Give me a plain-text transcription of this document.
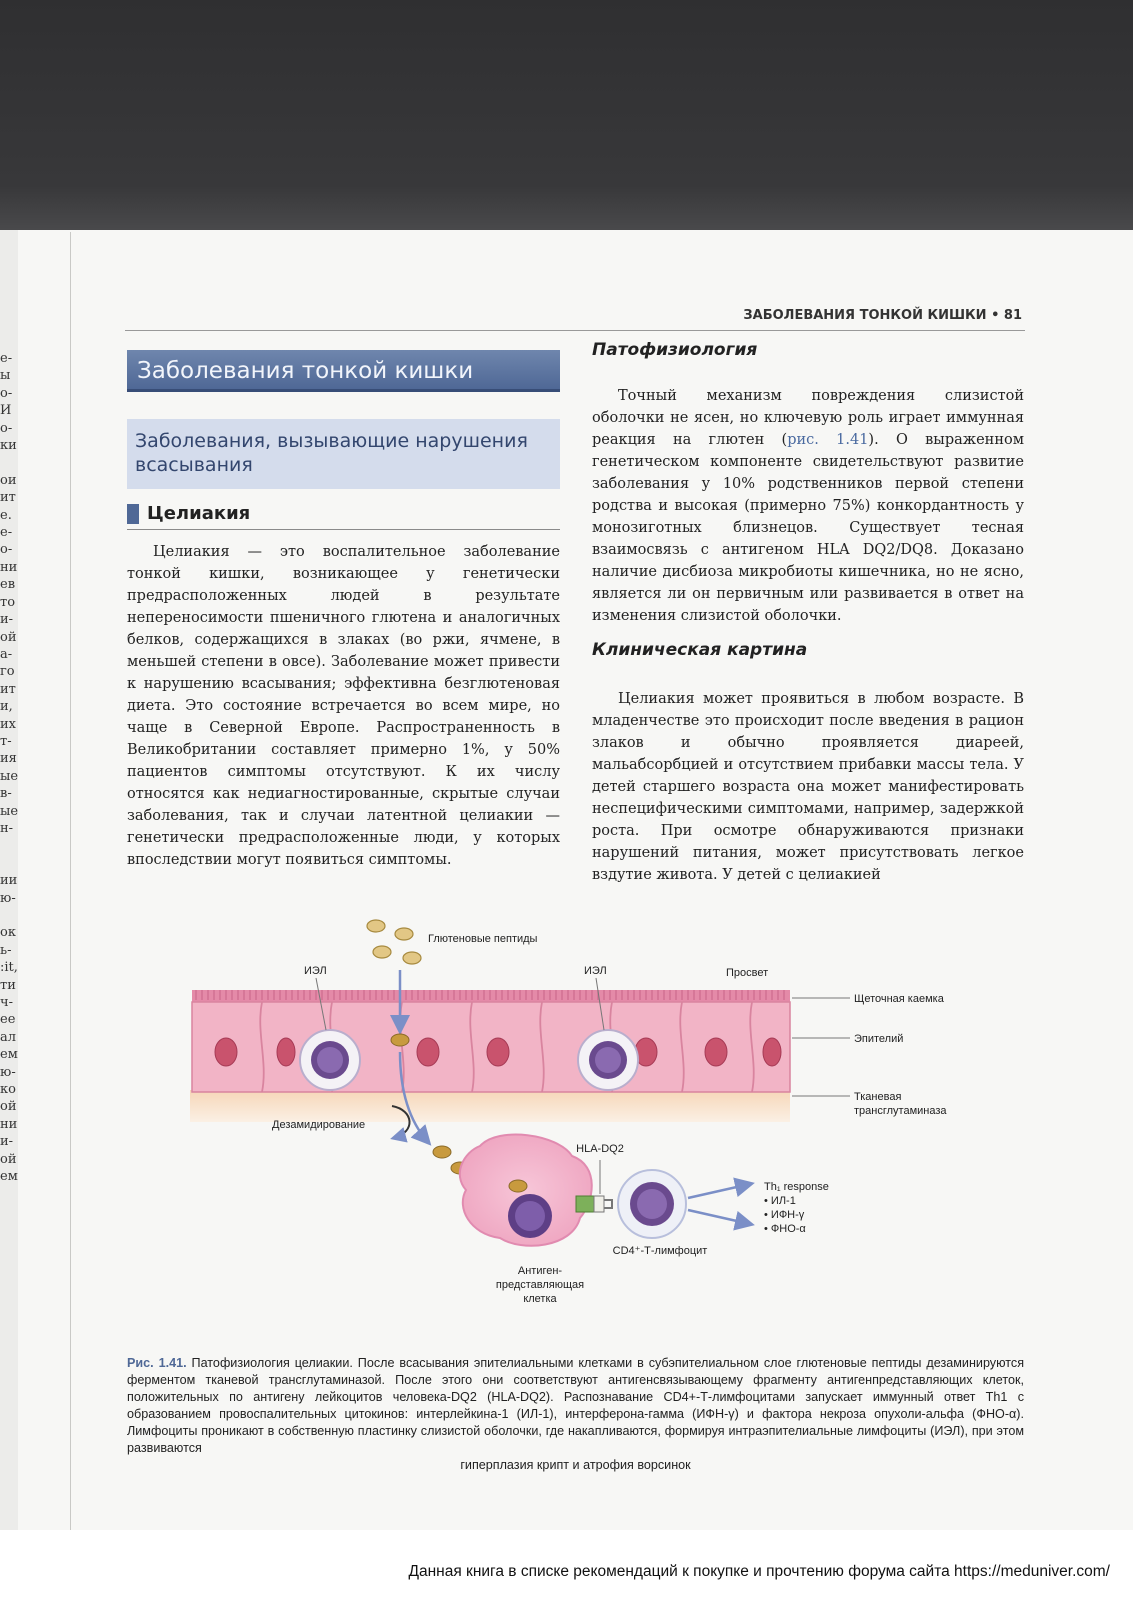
е-
ы
о-
И
о-
ки

ои
ит
е.
е-
о-
ни
ев
то
и-
ой
а-
го
ит
и,
их
т-
ия
ые
в-
ые
н-

ии
ю-

ок
ь-
:it,
ти
ч-
ее
ал
ем
ю-
ко
ой
ни
и-
ой
ем
ЗАБОЛЕВАНИЯ ТОНКОЙ КИШКИ • 81
Заболевания тонкой кишки
Заболевания, вызывающие нарушения всасывания
Целиакия

Целиакия — это воспалительное заболевание тонкой кишки, возникающее у генетически предрасположенных людей в результате непереносимости пшеничного глютена и аналогичных белков, содержащихся в злаках (во ржи, ячмене, в меньшей степени в овсе). Заболевание может привести к нарушению всасывания; эффективна безглютеновая диета. Это состояние встречается во всем мире, но чаще в Северной Европе. Распространенность в Великобритании составляет примерно 1%, у 50% пациентов симптомы отсутствуют. К их числу относятся как недиагностированные, скрытые случаи заболевания, так и случаи латентной целиакии — генетически предрасположенные люди, у которых впоследствии могут появиться симптомы.

Патофизиология

Точный механизм повреждения слизистой оболочки не ясен, но ключевую роль играет иммунная реакция на глютен (рис. 1.41). О выраженном генетическом компоненте свидетельствуют развитие заболевания у 10% родственников первой степени родства и высокая (примерно 75%) конкордантность у монозиготных близнецов. Существует тесная взаимосвязь с антигеном HLA DQ2/DQ8. Доказано наличие дисбиоза микробиоты кишечника, но не ясно, является ли он первичным или развивается в ответ на изменения слизистой оболочки.

Клиническая картина

Целиакия может проявиться в любом возрасте. В младенчестве это происходит после введения в рацион злаков и обычно проявляется диареей, мальабсорбцией и отсутствием прибавки массы тела. У детей старшего возраста она может манифестировать неспецифическими симптомами, например, задержкой роста. При осмотре обнаруживаются признаки нарушений питания, может присутствовать легкое вздутие живота. У детей с целиакией

Глютеновые пептиды
Дезамидирование
Антиген-
представляющая
клетка
HLA-DQ2
CD4⁺-Т-лимфоцит
Th₁ response
• ИЛ-1
• ИФН-γ
• ФНО-α
ИЭЛ	ИЭЛ	Просвет
Щеточная каемка
Эпителий
Тканевая
трансглутаминаза
Рис. 1.41. Патофизиология целиакии. После всасывания эпителиальными клетками в субэпителиальном слое глютеновые пептиды дезаминируются ферментом тканевой трансглутаминазой. После этого они соответствуют антигенсвязывающему фрагменту антигенпредставляющих клеток, положительных по антигену лейкоцитов человека-DQ2 (HLA-DQ2). Распознавание CD4+-Т-лимфоцитами запускает иммунный ответ Th1 с образованием провоспалительных цитокинов: интерлейкина-1 (ИЛ-1), интерферона-гамма (ИФН-γ) и фактора некроза опухоли-альфа (ФНО-α). Лимфоциты проникают в собственную пластинку слизистой оболочки, где накапливаются, формируя интраэпителиальные лимфоциты (ИЭЛ), при этом развиваются
гиперплазия крипт и атрофия ворсинок
Данная книга в списке рекомендаций к покупке и прочтению форума сайта https://meduniver.com/
